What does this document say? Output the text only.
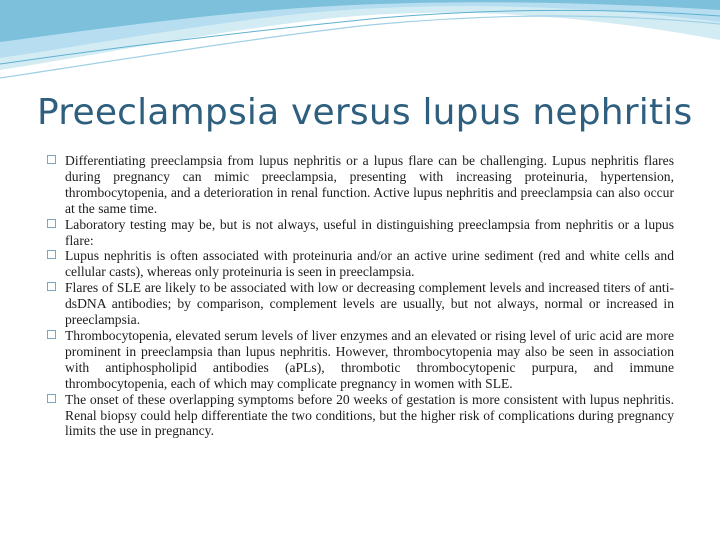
Preeclampsia versus lupus nephritis
Differentiating preeclampsia from lupus nephritis or a lupus flare can be challenging. Lupus nephritis flares during pregnancy can mimic preeclampsia, presenting with increasing proteinuria, hypertension, thrombocytopenia, and a deterioration in renal function. Active lupus nephritis and preeclampsia can also occur at the same time.
Laboratory testing may be, but is not always, useful in distinguishing preeclampsia from nephritis or a lupus flare:
Lupus nephritis is often associated with proteinuria and/or an active urine sediment (red and white cells and cellular casts), whereas only proteinuria is seen in preeclampsia.
Flares of SLE are likely to be associated with low or decreasing complement levels and increased titers of anti-dsDNA antibodies; by comparison, complement levels are usually, but not always, normal or increased in preeclampsia.
Thrombocytopenia, elevated serum levels of liver enzymes and an elevated or rising level of uric acid are more prominent in preeclampsia than lupus nephritis. However, thrombocytopenia may also be seen in association with antiphospholipid antibodies (aPLs), thrombotic thrombocytopenic purpura, and immune thrombocytopenia, each of which may complicate pregnancy in women with SLE.
The onset of these overlapping symptoms before 20 weeks of gestation is more consistent with lupus nephritis. Renal biopsy could help differentiate the two conditions, but the higher risk of complications during pregnancy limits the use in pregnancy.
